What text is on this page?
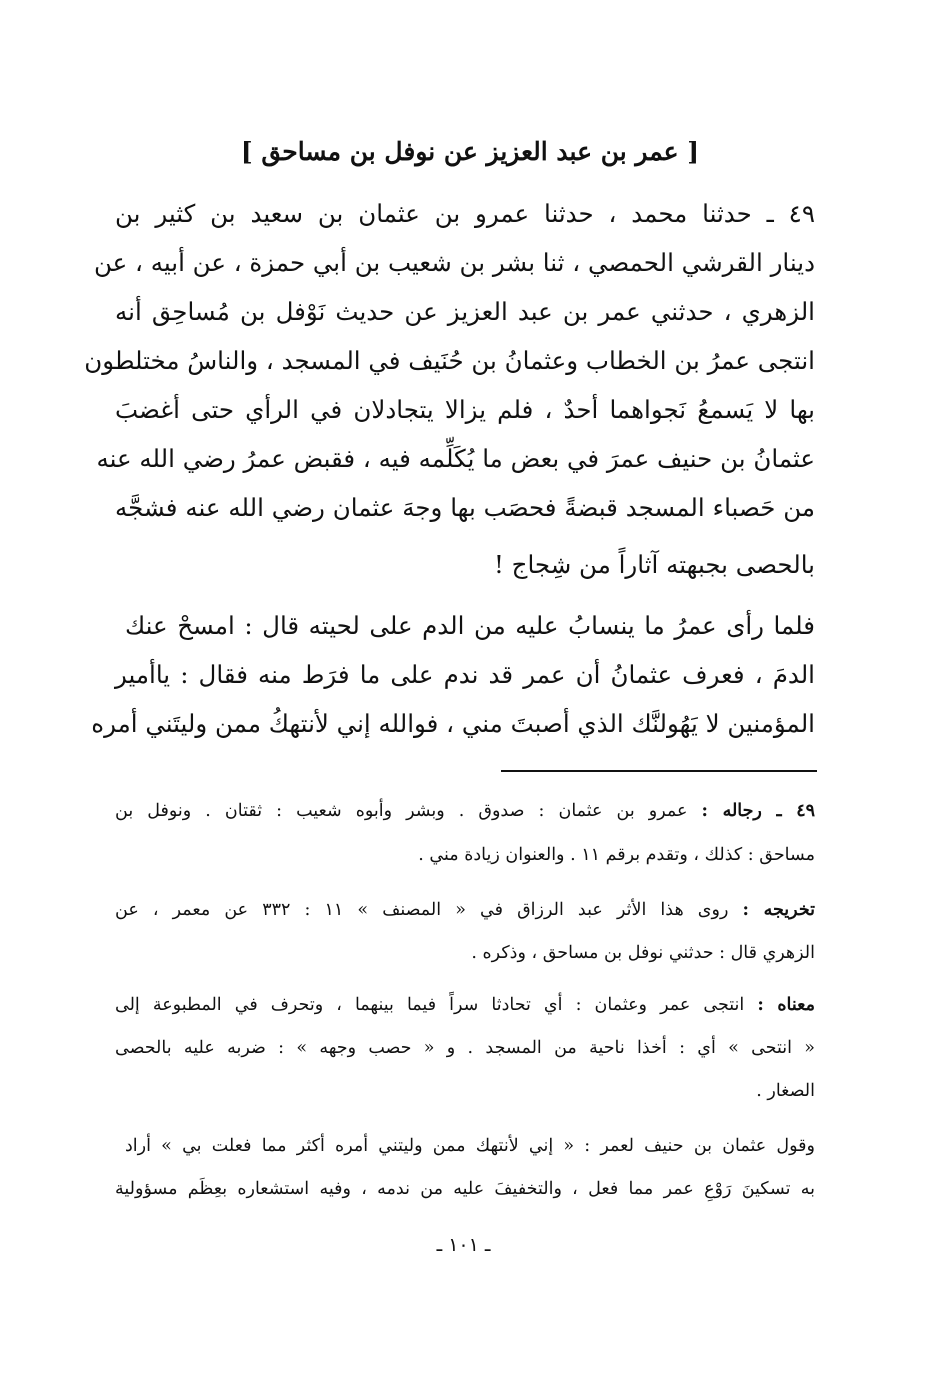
[ عمر بن عبد العزيز عن نوفل بن مساحق ]
٤٩ ـ حدثنا محمد ، حدثنا عمرو بن عثمان بن سعيد بن كثير بن
دينار القرشي الحمصي ، ثنا بشر بن شعيب بن أبي حمزة ، عن أبيه ، عن
الزهري ، حدثني عمر بن عبد العزيز عن حديث نَوْفل بن مُساحِق أنه
انتجى عمرُ بن الخطاب وعثمانُ بن حُنَيف في المسجد ، والناسُ مختلطون
بها لا يَسمعُ نَجواهما أحدٌ ، فلم يزالا يتجادلان في الرأي حتى أغضبَ
عثمانُ بن حنيف عمرَ في بعض ما يُكَلِّمه فيه ، فقبض عمرُ رضي الله عنه
من حَصباء المسجد قبضةً فحصَب بها وجهَ عثمان رضي الله عنه فشجَّه
بالحصى بجبهته آثاراً من شِجاج !
فلما رأى عمرُ ما ينسابُ عليه من الدم على لحيته قال : امسحْ عنك
الدمَ ، فعرف عثمانُ أن عمر قد ندم على ما فرَط منه فقال : ياأمير
المؤمنين لا يَهُولنَّك الذي أصبتَ مني ، فوالله إني لأنتهكُ ممن وليتَني أمره
٤٩ ـ رجاله : عمرو بن عثمان : صدوق . وبشر وأبوه شعيب : ثقتان . ونوفل بن
مساحق : كذلك ، وتقدم برقم ١١ . والعنوان زيادة مني .
تخريجه : روى هذا الأثر عبد الرزاق في « المصنف » ١١ : ٣٣٢ عن معمر ، عن
الزهري قال : حدثني نوفل بن مساحق ، وذكره .
معناه : انتجى عمر وعثمان : أي تحادثا سراً فيما بينهما ، وتحرف في المطبوعة إلى
« انتحى » أي : أخذا ناحية من المسجد . و « حصب وجهه » : ضربه عليه بالحصى
الصغار .
وقول عثمان بن حنيف لعمر : « إني لأنتهك ممن وليتني أمره أكثر مما فعلت بي » أراد
به تسكينَ رَوْعِ عمر مما فعل ، والتخفيفَ عليه من ندمه ، وفيه استشعاره بعِظَم مسؤولية
ـ ١٠١ ـ
